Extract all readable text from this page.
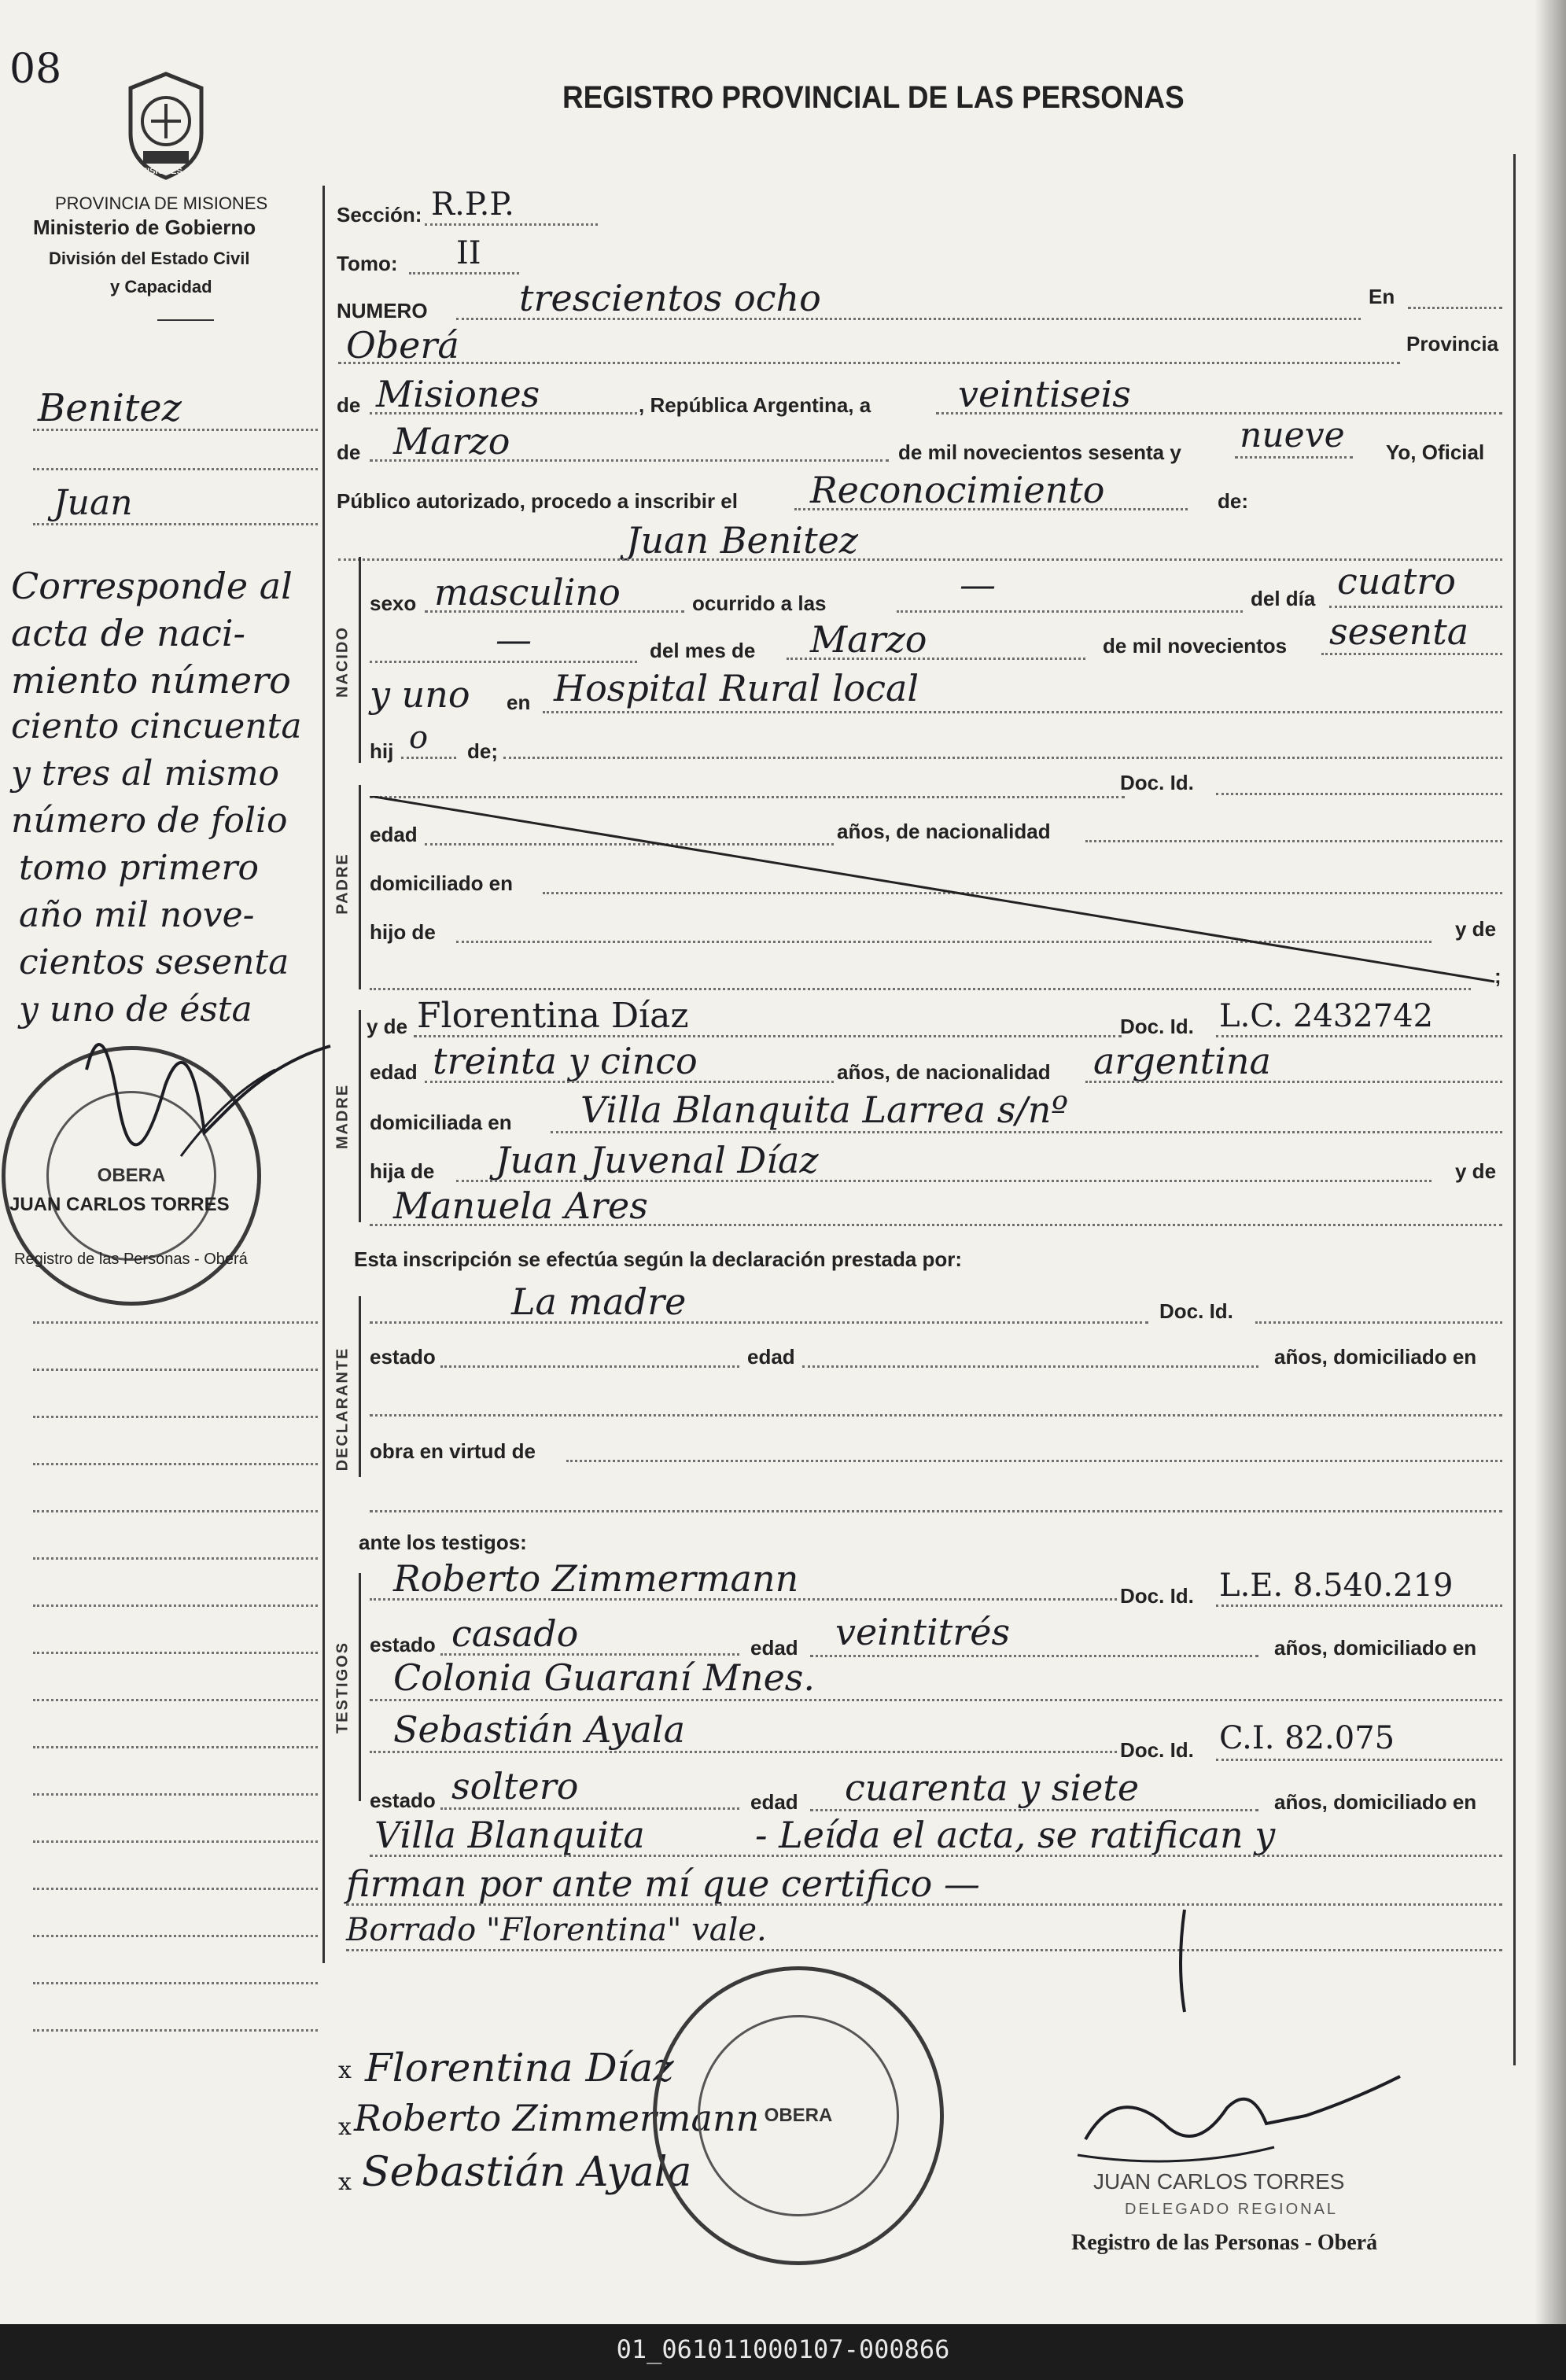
08
MISIONES
REGISTRO PROVINCIAL DE LAS PERSONAS
PROVINCIA DE MISIONES
Ministerio de Gobierno
División del Estado Civil
y Capacidad
Benitez
Juan
Corresponde al
acta de naci-
miento número
ciento cincuenta
y tres al mismo
número de folio
tomo primero
año mil nove-
cientos sesenta
y uno de ésta
OBERA
JUAN CARLOS TORRES
Registro de las Personas - Oberá
Sección: R.P.P.
Tomo: II
NUMERO	trescientos ocho	En
Oberá	Provincia
de Misiones	, República Argentina, a veintiseis
de Marzo	de mil novecientos sesenta y nueve Yo, Oficial
Público autorizado, procedo a inscribir el Reconocimiento	de:
Juan Benitez
NACIDO
sexo masculino	ocurrido a las	—	del día cuatro
—	del mes de Marzo	de mil novecientos sesenta
y uno en Hospital Rural local
hij o de;
PADRE
Doc. Id.
edad	años, de nacionalidad
domiciliado en
hijo de	y de
;
MADRE
y de Florentina Díaz	Doc. Id. L.C. 2432742
edad treinta y cinco	años, de nacionalidad argentina
domiciliada en Villa Blanquita Larrea s/nº
hija de Juan Juvenal Díaz	y de
Manuela Ares
Esta inscripción se efectúa según la declaración prestada por:
La madre	Doc. Id.
DECLARANTE estado	edad	años, domiciliado en
obra en virtud de
ante los testigos:
TESTIGOS
Roberto Zimmermann	Doc. Id. L.E. 8.540.219
estado casado	edad veintitrés	años, domiciliado en
Colonia Guaraní Mnes.
Sebastián Ayala	Doc. Id. C.I. 82.075
estado soltero	edad cuarenta y siete	años, domiciliado en
Villa Blanquita	- Leída el acta, se ratifican y
firman por ante mí que certifico —
Borrado "Florentina" vale.
x Florentina Díaz
x Roberto Zimmermann
x Sebastián Ayala
OBERA
JUAN CARLOS TORRES
DELEGADO REGIONAL
Registro de las Personas - Oberá
01_061011000107-000866
